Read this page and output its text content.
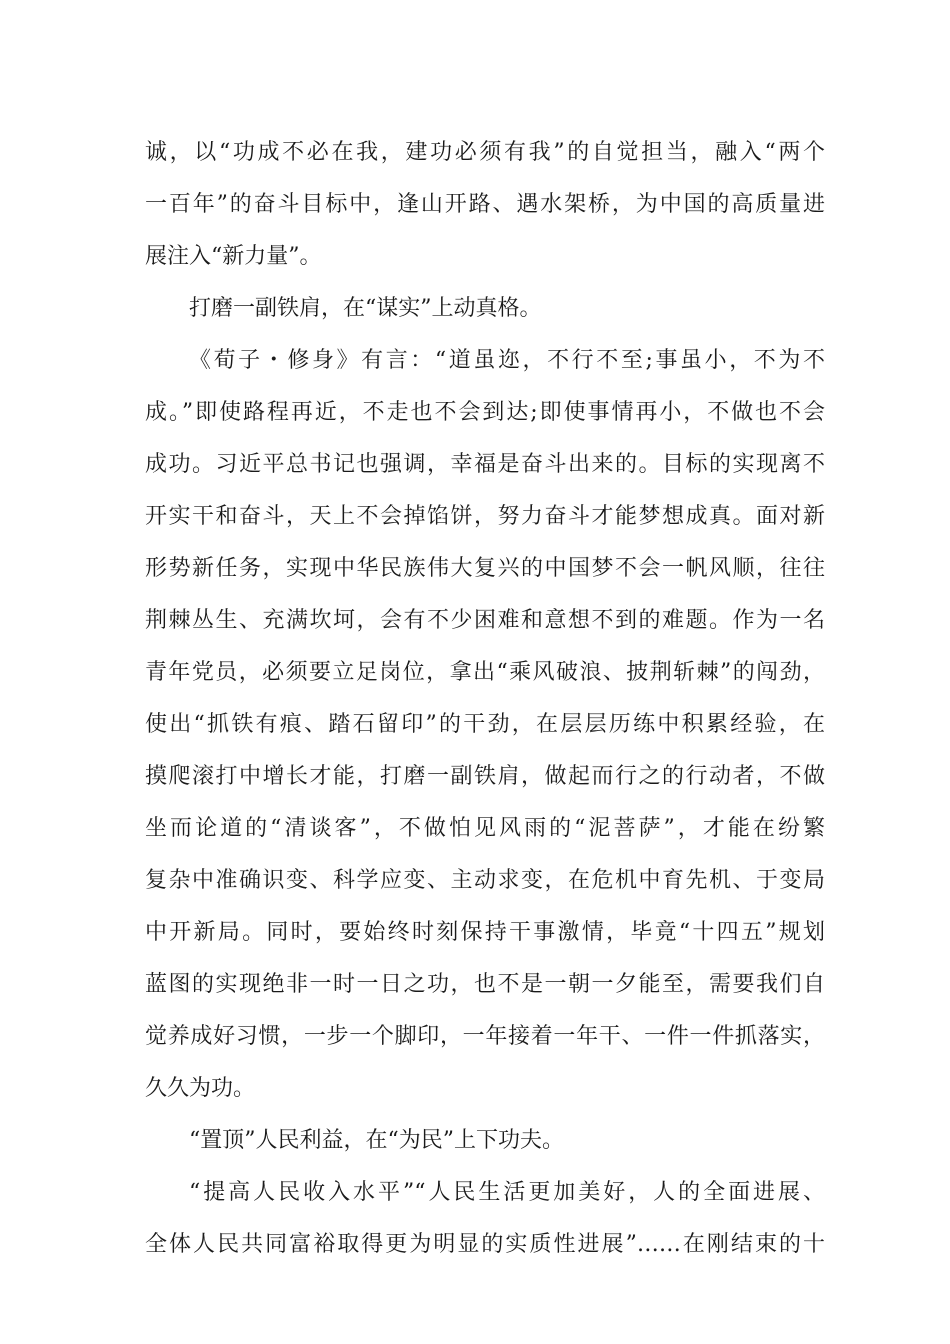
诚，以“功成不必在我，建功必须有我”的自觉担当，融入“两个
一百年”的奋斗目标中，逢山开路、遇水架桥，为中国的高质量进
展注入“新力量”。
打磨一副铁肩，在“谋实”上动真格。
《荀子・修身》有言：“道虽迩，不行不至;事虽小，不为不
成。”即使路程再近，不走也不会到达;即使事情再小，不做也不会
成功。习近平总书记也强调，幸福是奋斗出来的。目标的实现离不
开实干和奋斗，天上不会掉馅饼，努力奋斗才能梦想成真。面对新
形势新任务，实现中华民族伟大复兴的中国梦不会一帆风顺，往往
荆棘丛生、充满坎坷，会有不少困难和意想不到的难题。作为一名
青年党员，必须要立足岗位，拿出“乘风破浪、披荆斩棘”的闯劲，
使出“抓铁有痕、踏石留印”的干劲，在层层历练中积累经验，在
摸爬滚打中增长才能，打磨一副铁肩，做起而行之的行动者，不做
坐而论道的“清谈客”，不做怕见风雨的“泥菩萨”，才能在纷繁
复杂中准确识变、科学应变、主动求变，在危机中育先机、于变局
中开新局。同时，要始终时刻保持干事激情，毕竟“十四五”规划
蓝图的实现绝非一时一日之功，也不是一朝一夕能至，需要我们自
觉养成好习惯，一步一个脚印，一年接着一年干、一件一件抓落实，
久久为功。
“置顶”人民利益，在“为民”上下功夫。
“提高人民收入水平”“人民生活更加美好，人的全面进展、
全体人民共同富裕取得更为明显的实质性进展”……在刚结束的十
